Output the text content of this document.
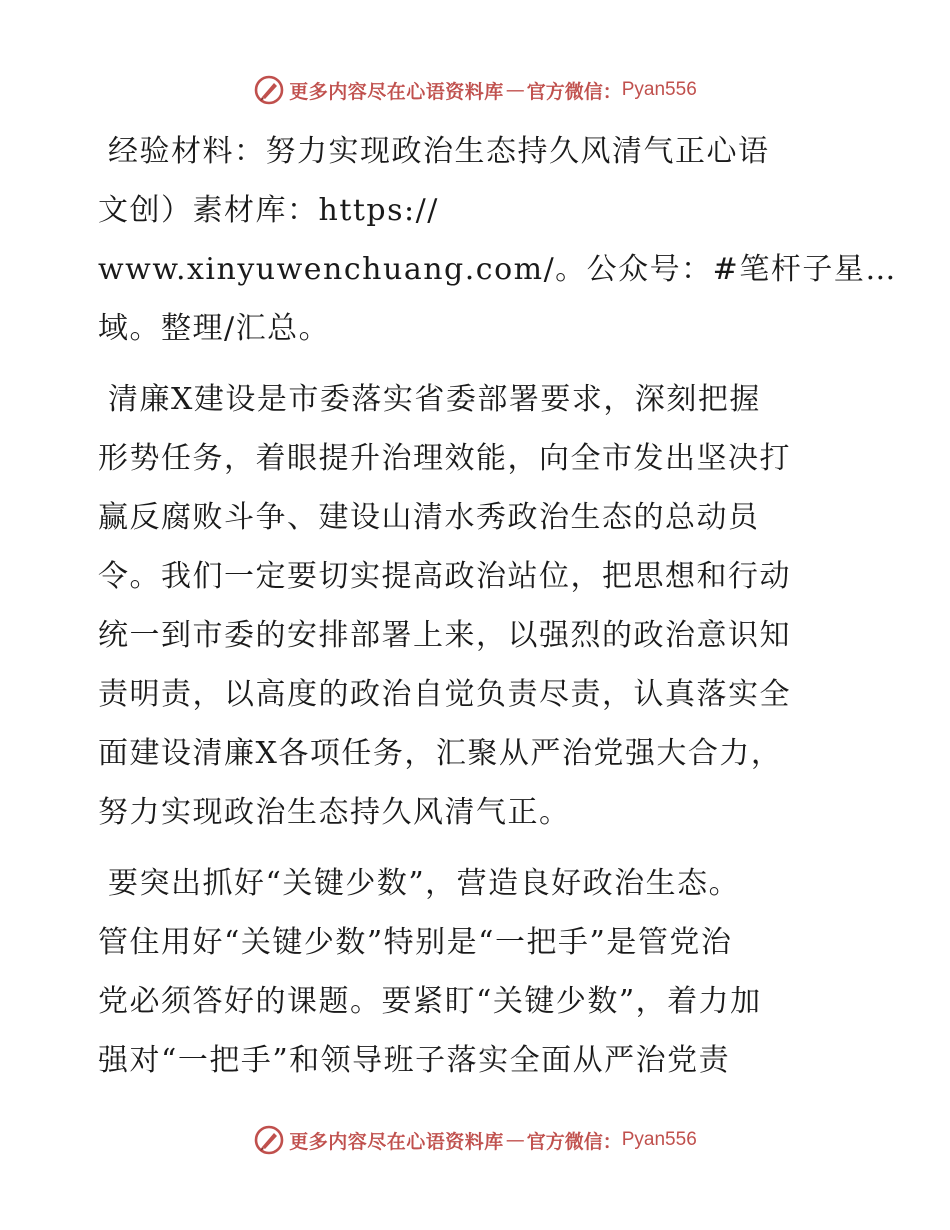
更多内容尽在心语资料库 — 官方微信： Pyan556

经验材料：努力实现政治生态持久风清气正心语
文创）素材库：https://
www.xinyuwenchuang.com/。公众号：#笔杆子星…
域。整理/汇总。

清廉X建设是市委落实省委部署要求，深刻把握
形势任务，着眼提升治理效能，向全市发出坚决打
赢反腐败斗争、建设山清水秀政治生态的总动员
令。我们一定要切实提高政治站位，把思想和行动
统一到市委的安排部署上来，以强烈的政治意识知
责明责，以高度的政治自觉负责尽责，认真落实全
面建设清廉X各项任务，汇聚从严治党强大合力，
努力实现政治生态持久风清气正。

要突出抓好“关键少数”，营造良好政治生态。
管住用好“关键少数”特别是“一把手”是管党治
党必须答好的课题。要紧盯“关键少数”，着力加
强对“一把手”和领导班子落实全面从严治党责

更多内容尽在心语资料库 — 官方微信： Pyan556
